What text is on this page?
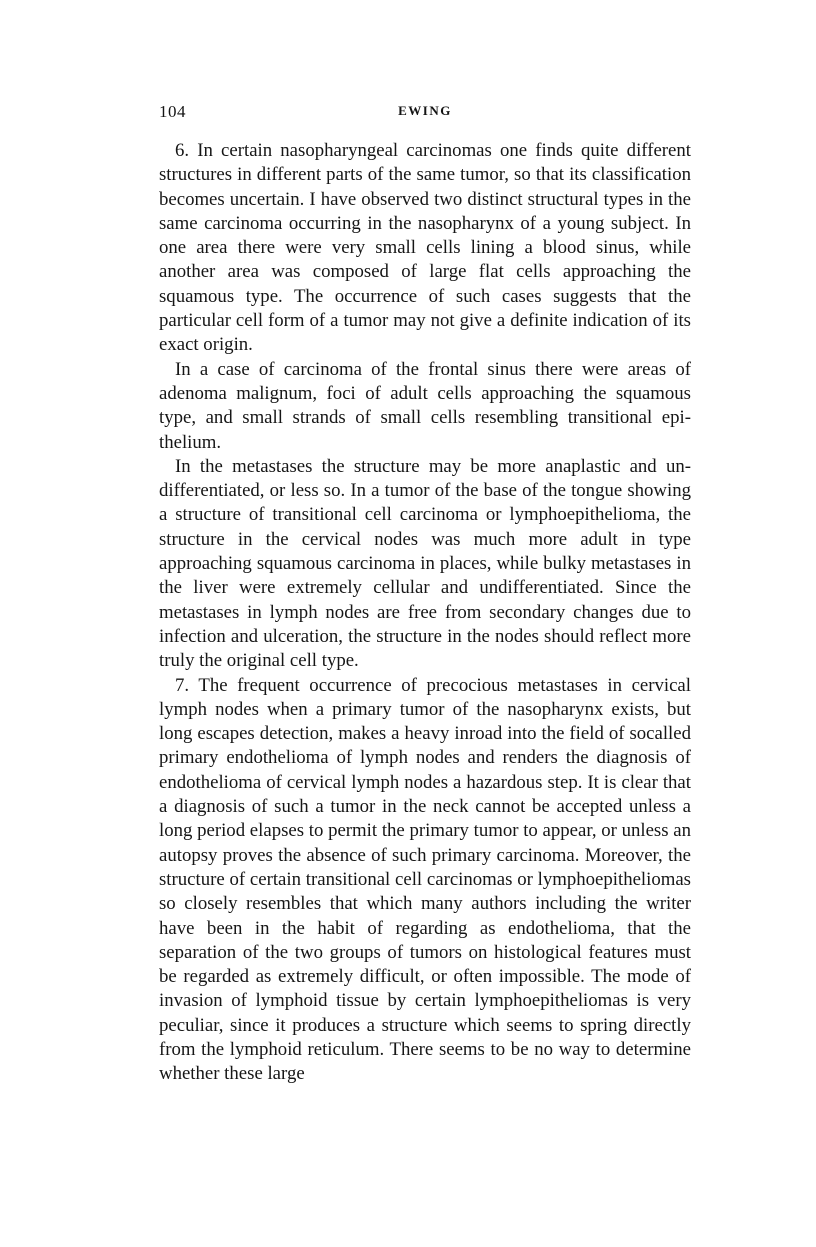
104	EWING

6. In certain nasopharyngeal carcinomas one finds quite different structures in different parts of the same tumor, so that its classification becomes uncertain. I have observed two distinct structural types in the same carcinoma occurring in the nasopharynx of a young subject. In one area there were very small cells lining a blood sinus, while another area was composed of large flat cells approaching the squamous type. The occurrence of such cases suggests that the particular cell form of a tumor may not give a definite indication of its exact origin.

In a case of carcinoma of the frontal sinus there were areas of adenoma malignum, foci of adult cells approaching the squamous type, and small strands of small cells resembling transitional epithelium.

In the metastases the structure may be more anaplastic and undifferentiated, or less so. In a tumor of the base of the tongue showing a structure of transitional cell carcinoma or lymphoepithelioma, the structure in the cervical nodes was much more adult in type approaching squamous carcinoma in places, while bulky metastases in the liver were extremely cellular and undifferentiated. Since the metastases in lymph nodes are free from secondary changes due to infection and ulceration, the structure in the nodes should reflect more truly the original cell type.

7. The frequent occurrence of precocious metastases in cervical lymph nodes when a primary tumor of the nasopharynx exists, but long escapes detection, makes a heavy inroad into the field of socalled primary endothelioma of lymph nodes and renders the diagnosis of endothelioma of cervical lymph nodes a hazardous step. It is clear that a diagnosis of such a tumor in the neck cannot be accepted unless a long period elapses to permit the primary tumor to appear, or unless an autopsy proves the absence of such primary carcinoma. Moreover, the structure of certain transitional cell carcinomas or lymphoepitheliomas so closely resembles that which many authors including the writer have been in the habit of regarding as endothelioma, that the separation of the two groups of tumors on histological features must be regarded as extremely difficult, or often impossible. The mode of invasion of lymphoid tissue by certain lymphoepitheliomas is very peculiar, since it produces a structure which seems to spring directly from the lymphoid reticulum. There seems to be no way to determine whether these large
